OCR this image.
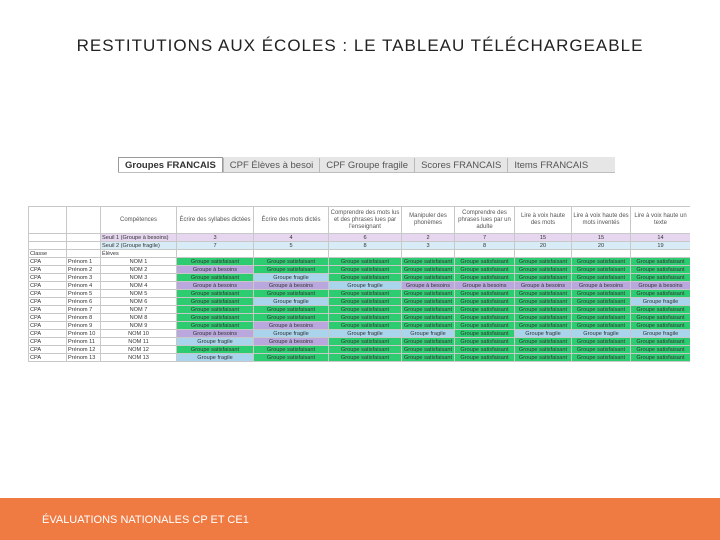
RESTITUTIONS AUX ÉCOLES : LE TABLEAU TÉLÉCHARGEABLE
Groupes FRANCAIS	CPF Élèves à besoi	CPF Groupe fragile	Scores FRANCAIS	Items FRANCAIS
		Compétences	Écrire des syllabes dictées	Écrire des mots dictés	Comprendre des mots lus et des phrases lues par l'enseignant	Manipuler des phonèmes	Comprendre des phrases lues par un adulte	Lire à voix haute des mots	Lire à voix haute des mots inventés	Lire à voix haute un texte
		Seuil 1 (Groupe à besoins)	3	4	6	2	7	15	15	14
		Seuil 2 (Groupe fragile)	7	5	8	3	8	20	20	19
Classe		Élèves								
CPA	Prénom 1	NOM 1	Groupe satisfaisant	Groupe satisfaisant	Groupe satisfaisant	Groupe satisfaisant	Groupe satisfaisant	Groupe satisfaisant	Groupe satisfaisant	Groupe satisfaisant
CPA	Prénom 2	NOM 2	Groupe à besoins	Groupe satisfaisant	Groupe satisfaisant	Groupe satisfaisant	Groupe satisfaisant	Groupe satisfaisant	Groupe satisfaisant	Groupe satisfaisant
CPA	Prénom 3	NOM 3	Groupe satisfaisant	Groupe fragile	Groupe satisfaisant	Groupe satisfaisant	Groupe satisfaisant	Groupe satisfaisant	Groupe satisfaisant	Groupe satisfaisant
CPA	Prénom 4	NOM 4	Groupe à besoins	Groupe à besoins	Groupe fragile	Groupe à besoins	Groupe à besoins	Groupe à besoins	Groupe à besoins	Groupe à besoins
CPA	Prénom 5	NOM 5	Groupe satisfaisant	Groupe satisfaisant	Groupe satisfaisant	Groupe satisfaisant	Groupe satisfaisant	Groupe satisfaisant	Groupe satisfaisant	Groupe satisfaisant
CPA	Prénom 6	NOM 6	Groupe satisfaisant	Groupe fragile	Groupe satisfaisant	Groupe satisfaisant	Groupe satisfaisant	Groupe satisfaisant	Groupe satisfaisant	Groupe fragile
CPA	Prénom 7	NOM 7	Groupe satisfaisant	Groupe satisfaisant	Groupe satisfaisant	Groupe satisfaisant	Groupe satisfaisant	Groupe satisfaisant	Groupe satisfaisant	Groupe satisfaisant
CPA	Prénom 8	NOM 8	Groupe satisfaisant	Groupe satisfaisant	Groupe satisfaisant	Groupe satisfaisant	Groupe satisfaisant	Groupe satisfaisant	Groupe satisfaisant	Groupe satisfaisant
CPA	Prénom 9	NOM 9	Groupe satisfaisant	Groupe à besoins	Groupe satisfaisant	Groupe satisfaisant	Groupe satisfaisant	Groupe satisfaisant	Groupe satisfaisant	Groupe satisfaisant
CPA	Prénom 10	NOM 10	Groupe à besoins	Groupe fragile	Groupe fragile	Groupe fragile	Groupe satisfaisant	Groupe fragile	Groupe fragile	Groupe fragile
CPA	Prénom 11	NOM 11	Groupe fragile	Groupe à besoins	Groupe satisfaisant	Groupe satisfaisant	Groupe satisfaisant	Groupe satisfaisant	Groupe satisfaisant	Groupe satisfaisant
CPA	Prénom 12	NOM 12	Groupe satisfaisant	Groupe satisfaisant	Groupe satisfaisant	Groupe satisfaisant	Groupe satisfaisant	Groupe satisfaisant	Groupe satisfaisant	Groupe satisfaisant
CPA	Prénom 13	NOM 13	Groupe fragile	Groupe satisfaisant	Groupe satisfaisant	Groupe satisfaisant	Groupe satisfaisant	Groupe satisfaisant	Groupe satisfaisant	Groupe satisfaisant
ÉVALUATIONS NATIONALES CP ET CE1
